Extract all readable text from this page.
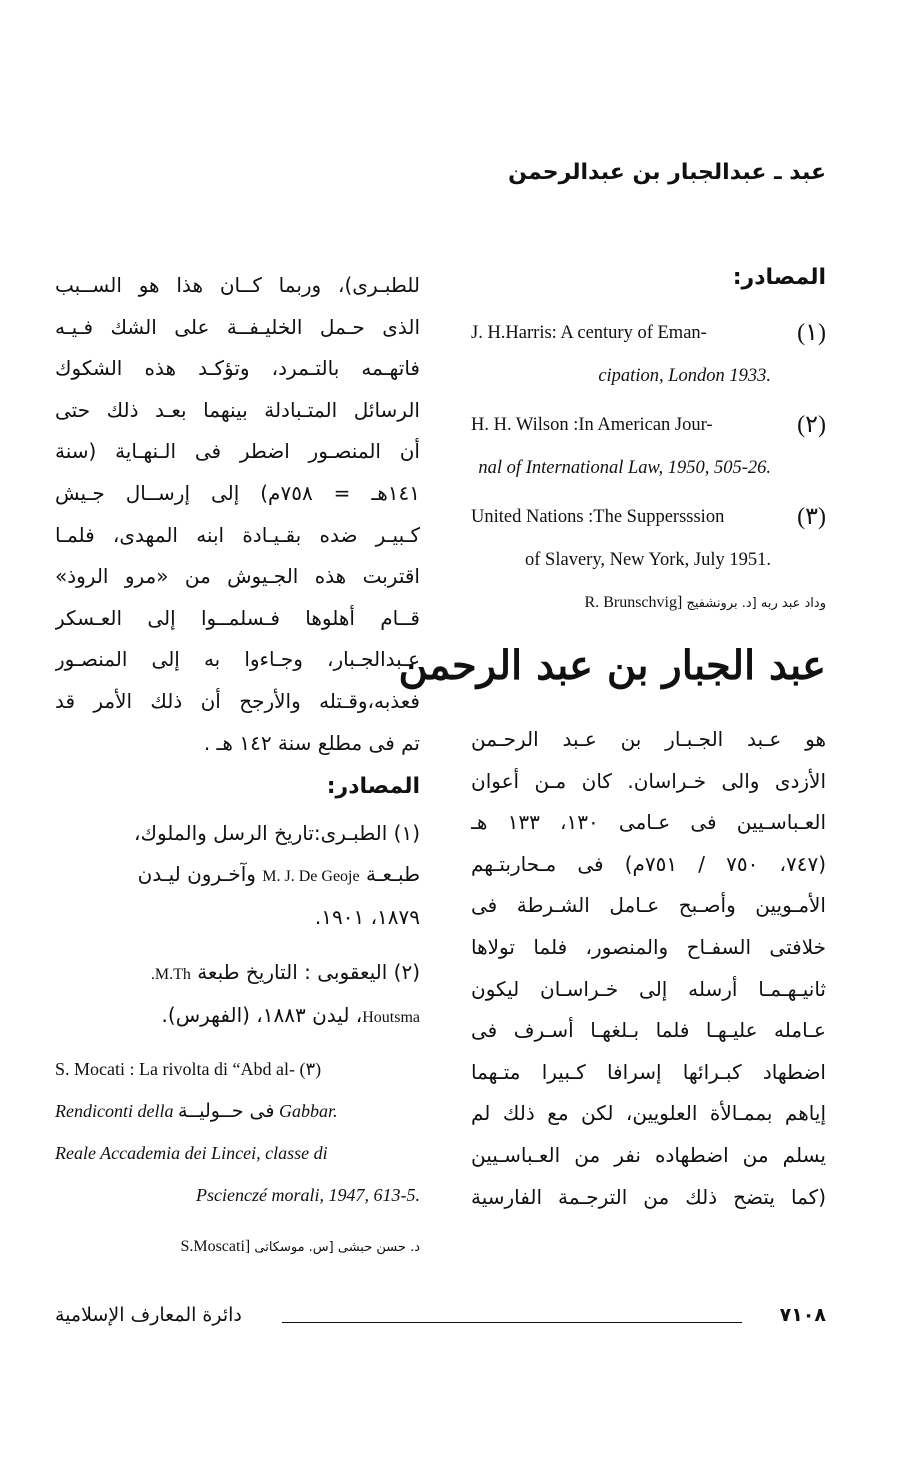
عبد ـ عبدالجبار بن عبدالرحمن
المصادر:
(١)
J. H.Harris: A century of Eman-
cipation, London 1933.
(٢)
H. H. Wilson :In American Jour-
nal of International Law, 1950, 505-26.
(٣)
United Nations :The Suppersssion
of Slavery, New York, July 1951.
وداد عبد ربه [د. برونشفيج R. Brunschvig]
عبد الجبار بن عبد الرحمن
هو عـبد الجـبـار بن عـبد الرحـمن
الأزدى والى خـراسان. كان مـن أعوان
العـباسـيين فى عـامى ١٣٠، ١٣٣ هـ
(٧٤٧، ٧٥٠ / ٧٥١م) فى مـحاربتـهم
الأمـويين وأصـبح عـامل الشـرطة فى
خلافتى السفـاح والمنصور، فلما تولاها
ثانيـهـمـا أرسله إلى خـراسـان ليكون
عـامله عليـهـا فلما بـلغهـا أسـرف فى
اضطهاد كبـرائها إسرافا كـبيرا متـهما
إياهم بممـالأة العلويين، لكن مع ذلك لم
يسلم من اضطهاده نفر من العـباسـيين
(كما يتضح ذلك من الترجـمة الفارسية
للطبـرى)، وربما كــان هذا هو الســبب
الذى حـمل الخليـفــة على الشك فـيـه
فاتهـمه بالتـمرد، وتؤكـد هذه الشكوك
الرسائل المتـبادلة بينهما بعـد ذلك حتى
أن المنصـور اضطر فى الـنهـاية (سنة
١٤١هـ = ٧٥٨م) إلى إرســال جـيش
كـبيـر ضده بقـيـادة ابنه المهدى، فلمـا
اقتربت هذه الجـيوش من «مرو الروذ»
قــام أهلوها فـسلمــوا إلى العـسكر
عـبدالجـبار، وجـاءوا به إلى المنصـور
فعذبه،وقـتله والأرجح أن ذلك الأمر قد
تم فى مطلع سنة ١٤٢ هـ .
المصادر:
(١) الطبـرى:تاريخ الرسل والملوك،
طبـعـة M. J. De Geoje وآخـرون ليـدن
١٨٧٩، ١٩٠١.
(٢) اليعقوبى : التاريخ طبعة M.Th.
Houtsma، ليدن ١٨٨٣، (الفهرس).
S. Mocati : La rivolta di “Abd al- (٣)
Rendiconti della فى حــوليــة Gabbar.
Reale Accademia dei Lincei, classe di
Pscienczé morali, 1947, 613-5.
د. حسن حبشى [س. موسكاتى S.Moscati]
دائرة المعارف الإسلامية	٧١٠٨
